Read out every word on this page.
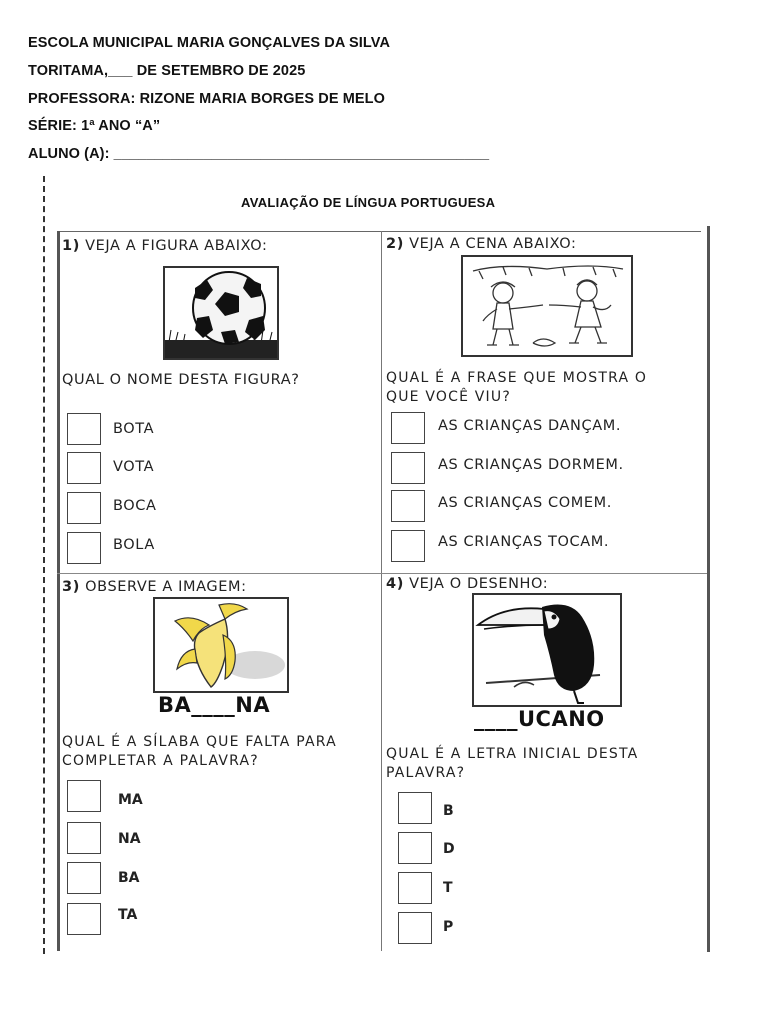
ESCOLA MUNICIPAL MARIA GONÇALVES DA SILVA
TORITAMA,___ DE SETEMBRO DE 2025
PROFESSORA: RIZONE MARIA BORGES DE MELO
SÉRIE: 1ª ANO “A”
ALUNO (A): ______________________________________________
AVALIAÇÃO DE LÍNGUA PORTUGUESA
1) VEJA A FIGURA ABAIXO:
QUAL O NOME DESTA FIGURA?
BOTA
VOTA
BOCA
BOLA
2) VEJA A CENA ABAIXO:
QUAL É A FRASE QUE MOSTRA O
QUE VOCÊ VIU?
AS CRIANÇAS DANÇAM.
AS CRIANÇAS DORMEM.
AS CRIANÇAS COMEM.
AS CRIANÇAS TOCAM.
3) OBSERVE A IMAGEM:
BA____NA
QUAL É A SÍLABA QUE FALTA PARA
COMPLETAR A PALAVRA?
MA
NA
BA
TA
4) VEJA O DESENHO:
____UCANO
QUAL É A LETRA INICIAL DESTA
PALAVRA?
B
D
T
P
